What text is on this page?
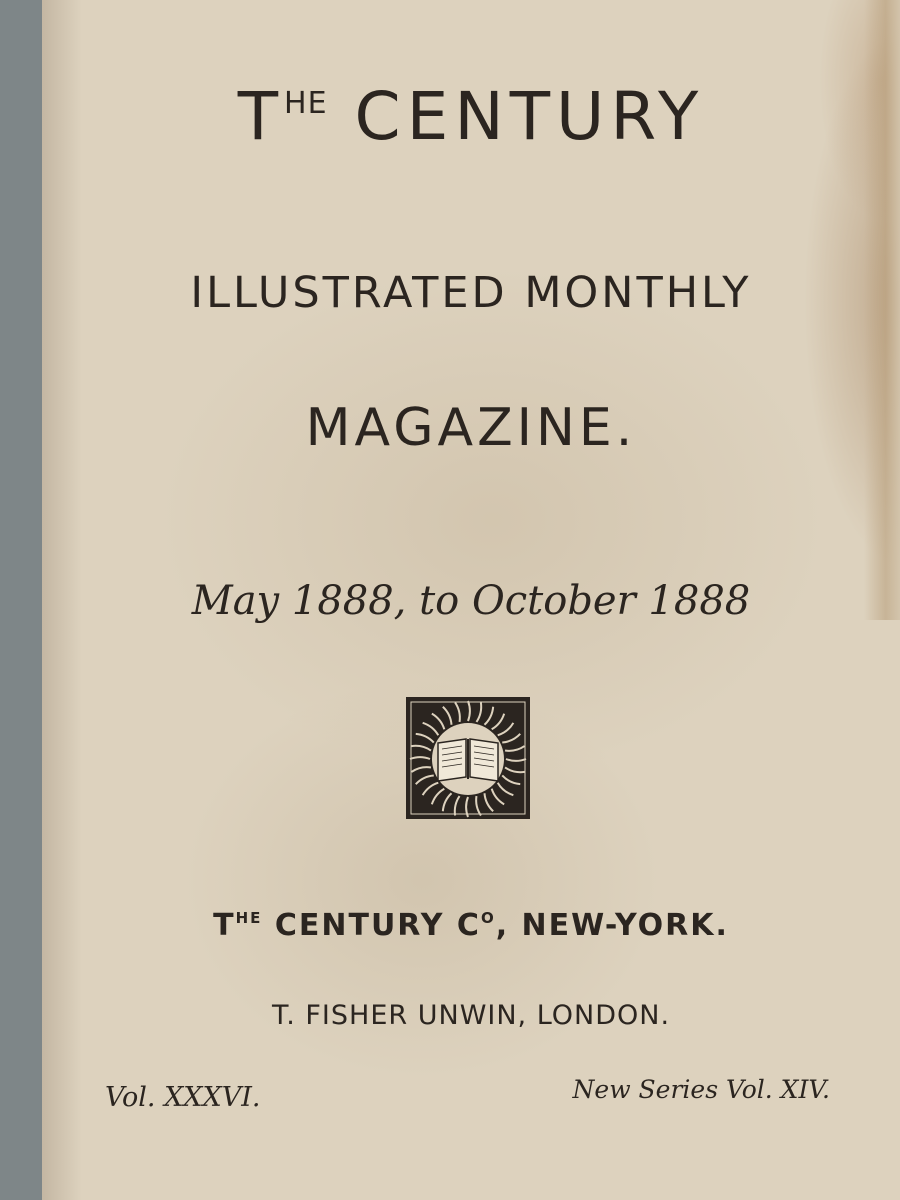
$T^{HE}$ CENTURY

ILLUSTRATED MONTHLY

MAGAZINE.

May 1888, to October 1888

$T^{HE}$ CENTURY $C^O$, NEW-YORK.

T. FISHER UNWIN, LONDON.

Vol. XXXVI.	New Series Vol. XIV.
